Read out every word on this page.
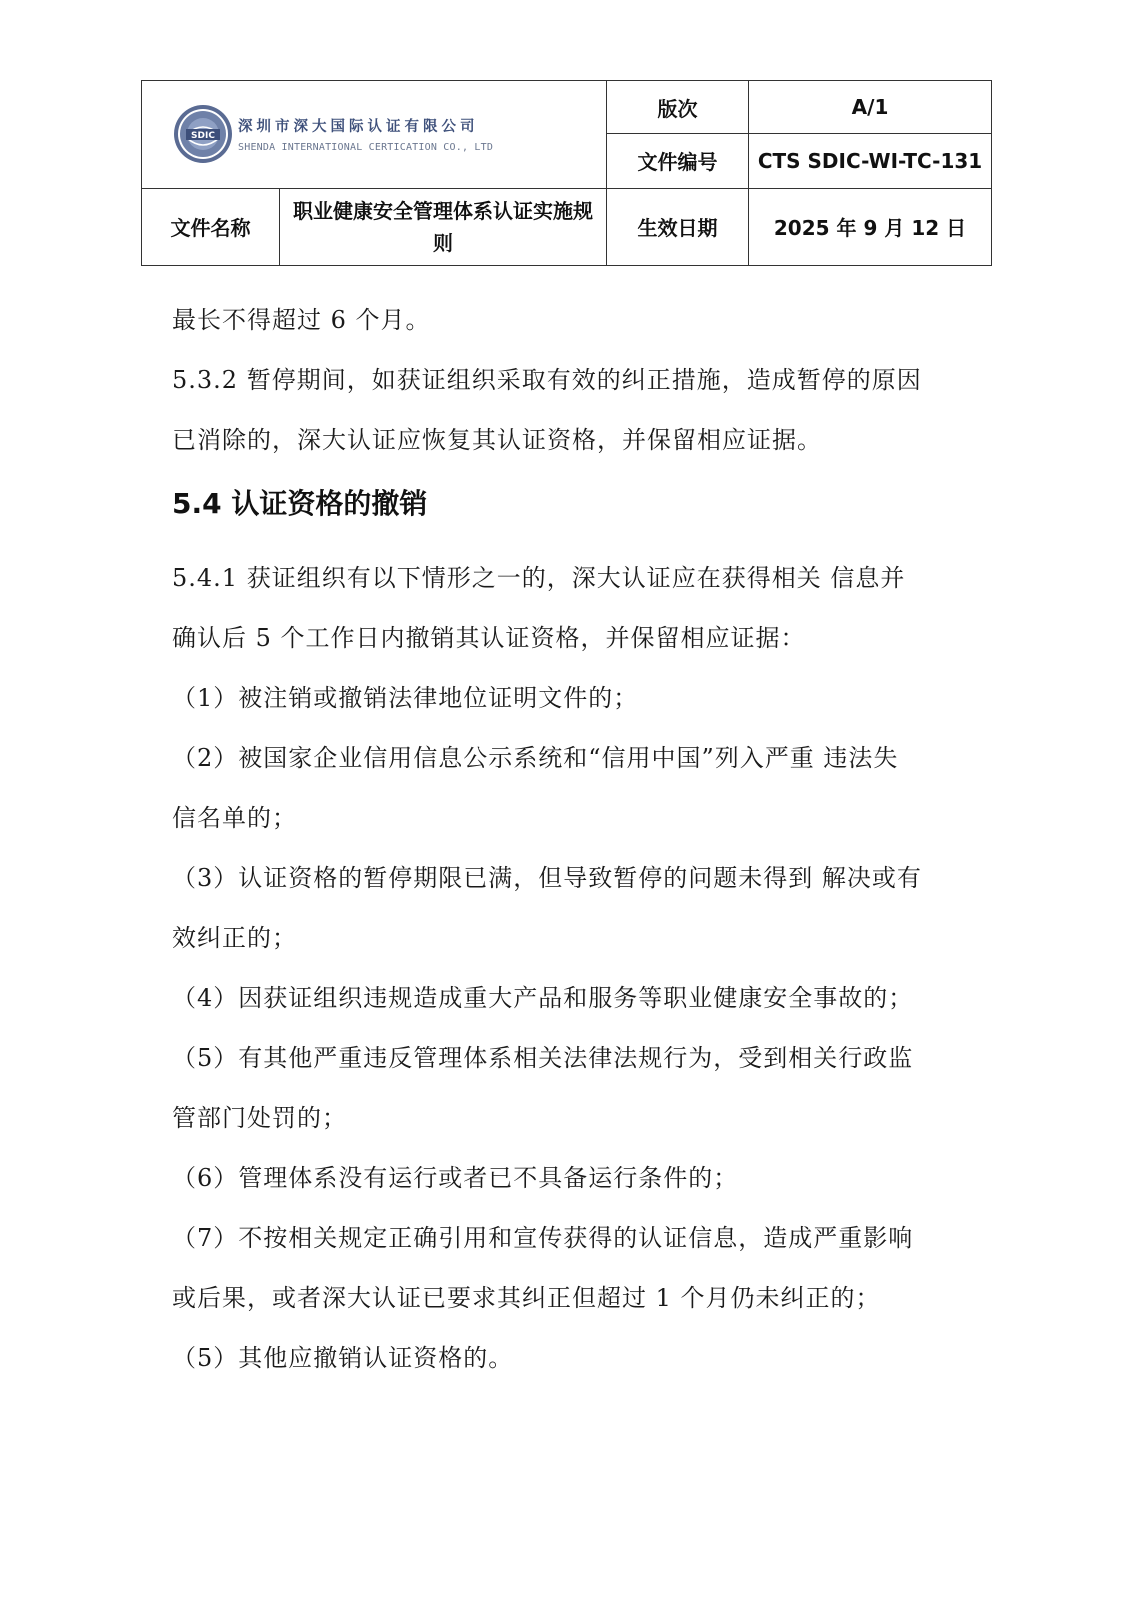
SDIC
深圳市深大国际认证有限公司
SHENDA INTERNATIONAL CERTICATION CO., LTD		版次	A/1
		文件编号	CTS SDIC-WI-TC-131
文件名称	职业健康安全管理体系认证实施规则	生效日期	2025 年 9 月 12 日

最长不得超过 6 个月。

5.3.2 暂停期间，如获证组织采取有效的纠正措施，造成暂停的原因

已消除的，深大认证应恢复其认证资格，并保留相应证据。

5.4 认证资格的撤销

5.4.1 获证组织有以下情形之一的，深大认证应在获得相关 信息并

确认后 5 个工作日内撤销其认证资格，并保留相应证据：

（1）被注销或撤销法律地位证明文件的；

（2）被国家企业信用信息公示系统和“信用中国”列入严重 违法失

信名单的；

（3）认证资格的暂停期限已满，但导致暂停的问题未得到 解决或有

效纠正的；

（4）因获证组织违规造成重大产品和服务等职业健康安全事故的；

（5）有其他严重违反管理体系相关法律法规行为，受到相关行政监

管部门处罚的；

（6）管理体系没有运行或者已不具备运行条件的；

（7）不按相关规定正确引用和宣传获得的认证信息，造成严重影响

或后果，或者深大认证已要求其纠正但超过 1 个月仍未纠正的；

（5）其他应撤销认证资格的。
